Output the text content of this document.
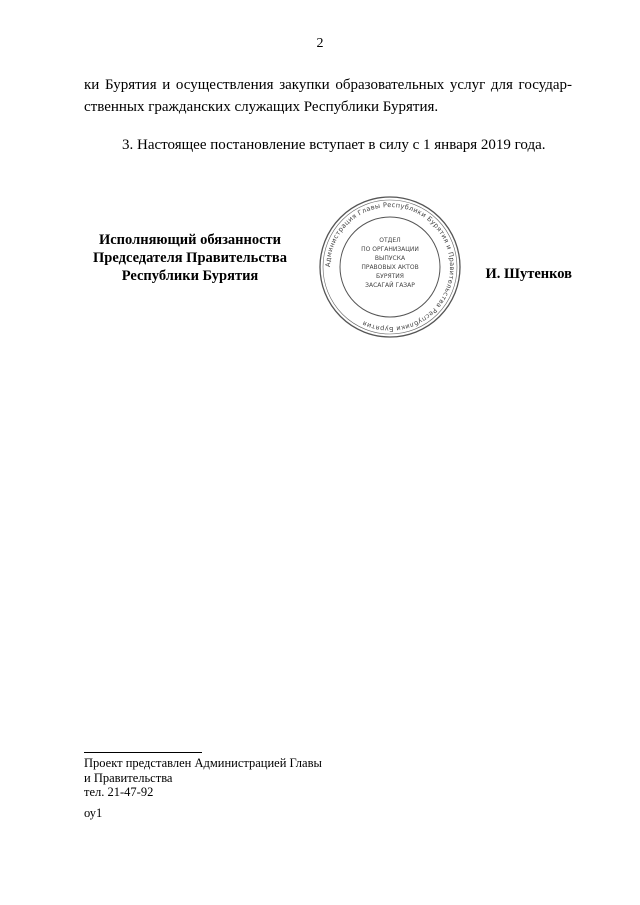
2
ки Бурятия и осуществления закупки образовательных услуг для государ-
ственных гражданских служащих Республики Бурятия.
3. Настоящее постановление вступает в силу с 1 января 2019 года.
Исполняющий обязанности
Председателя Правительства
Республики Бурятия
Администрация Главы Республики Бурятия и Правительства Республики Бурятия
ОТДЕЛ
ПО ОРГАНИЗАЦИИ
ВЫПУСКА
ПРАВОВЫХ АКТОВ
БУРЯТИЯ
ЗАСАГАЙ ГАЗАР
И. Шутенков
Проект представлен Администрацией Главы
и Правительства
тел. 21-47-92
оу1
